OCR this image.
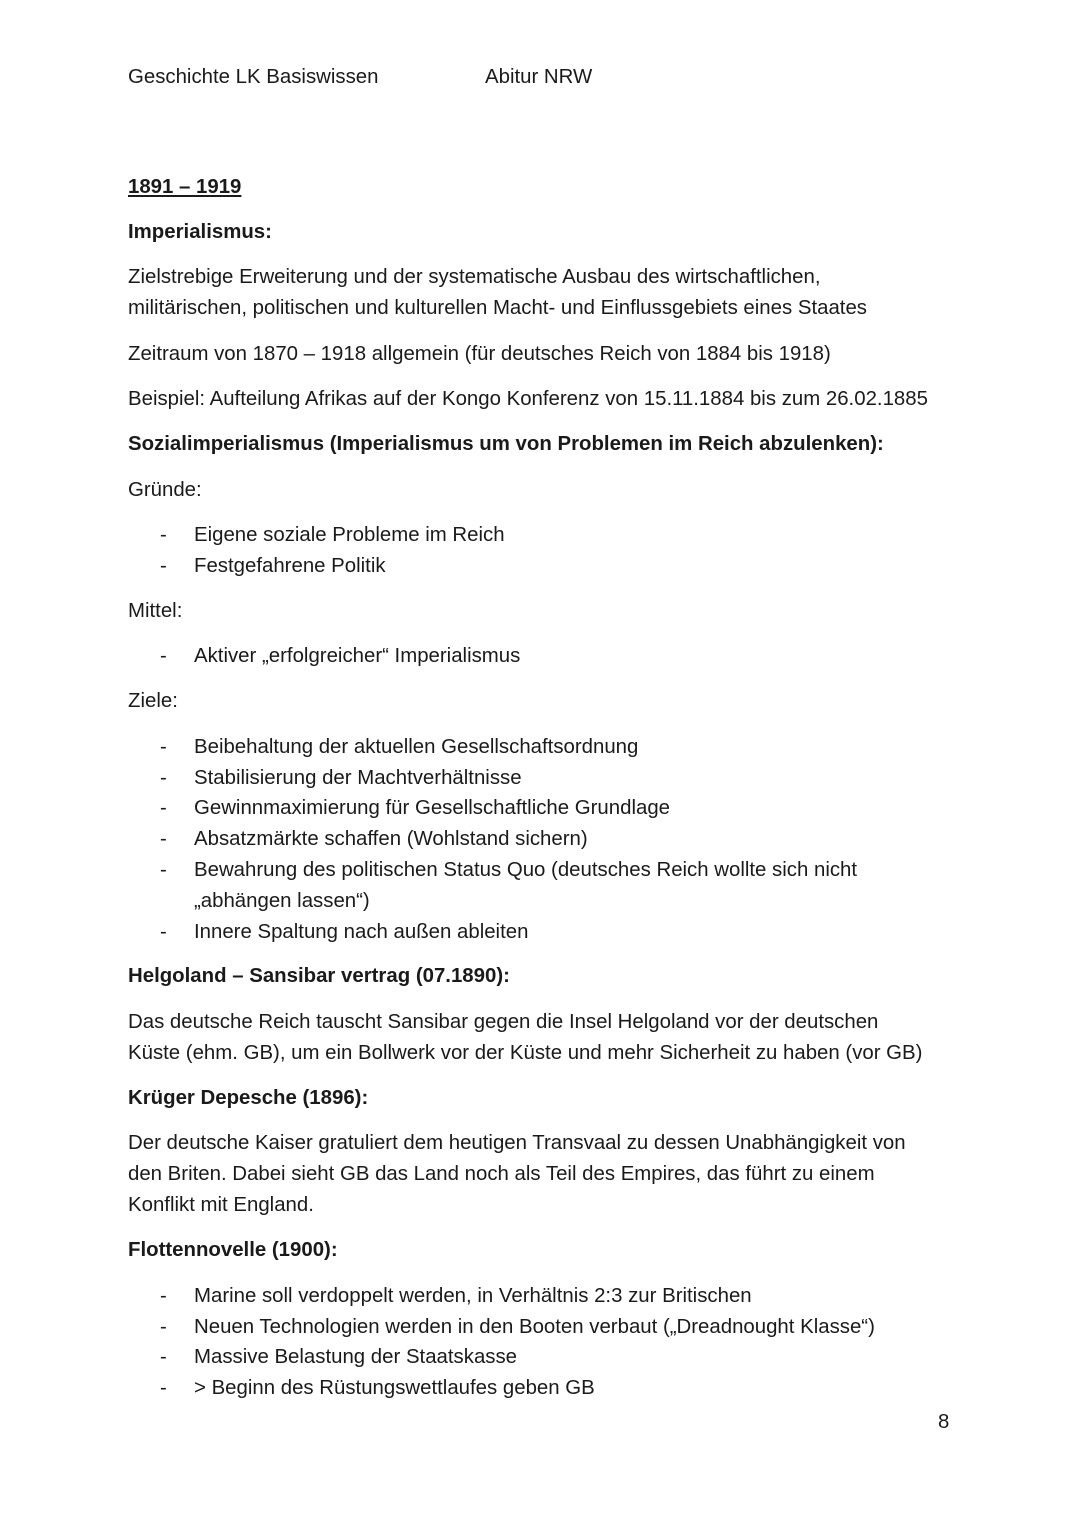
Geschichte LK Basiswissen	Abitur NRW
1891 – 1919
Imperialismus:
Zielstrebige Erweiterung und der systematische Ausbau des wirtschaftlichen,
militärischen, politischen und kulturellen Macht- und Einflussgebiets eines Staates
Zeitraum von 1870 – 1918 allgemein (für deutsches Reich von 1884 bis 1918)
Beispiel: Aufteilung Afrikas auf der Kongo Konferenz von 15.11.1884 bis zum 26.02.1885
Sozialimperialismus (Imperialismus um von Problemen im Reich abzulenken):
Gründe:
- Eigene soziale Probleme im Reich
- Festgefahrene Politik
Mittel:
- Aktiver „erfolgreicher“ Imperialismus
Ziele:
- Beibehaltung der aktuellen Gesellschaftsordnung
- Stabilisierung der Machtverhältnisse
- Gewinnmaximierung für Gesellschaftliche Grundlage
- Absatzmärkte schaffen (Wohlstand sichern)
- Bewahrung des politischen Status Quo (deutsches Reich wollte sich nicht
„abhängen lassen“)
- Innere Spaltung nach außen ableiten
Helgoland – Sansibar vertrag (07.1890):
Das deutsche Reich tauscht Sansibar gegen die Insel Helgoland vor der deutschen
Küste (ehm. GB), um ein Bollwerk vor der Küste und mehr Sicherheit zu haben (vor GB)
Krüger Depesche (1896):
Der deutsche Kaiser gratuliert dem heutigen Transvaal zu dessen Unabhängigkeit von
den Briten. Dabei sieht GB das Land noch als Teil des Empires, das führt zu einem
Konflikt mit England.
Flottennovelle (1900):
- Marine soll verdoppelt werden, in Verhältnis 2:3 zur Britischen
- Neuen Technologien werden in den Booten verbaut („Dreadnought Klasse“)
- Massive Belastung der Staatskasse
- > Beginn des Rüstungswettlaufes geben GB
8
